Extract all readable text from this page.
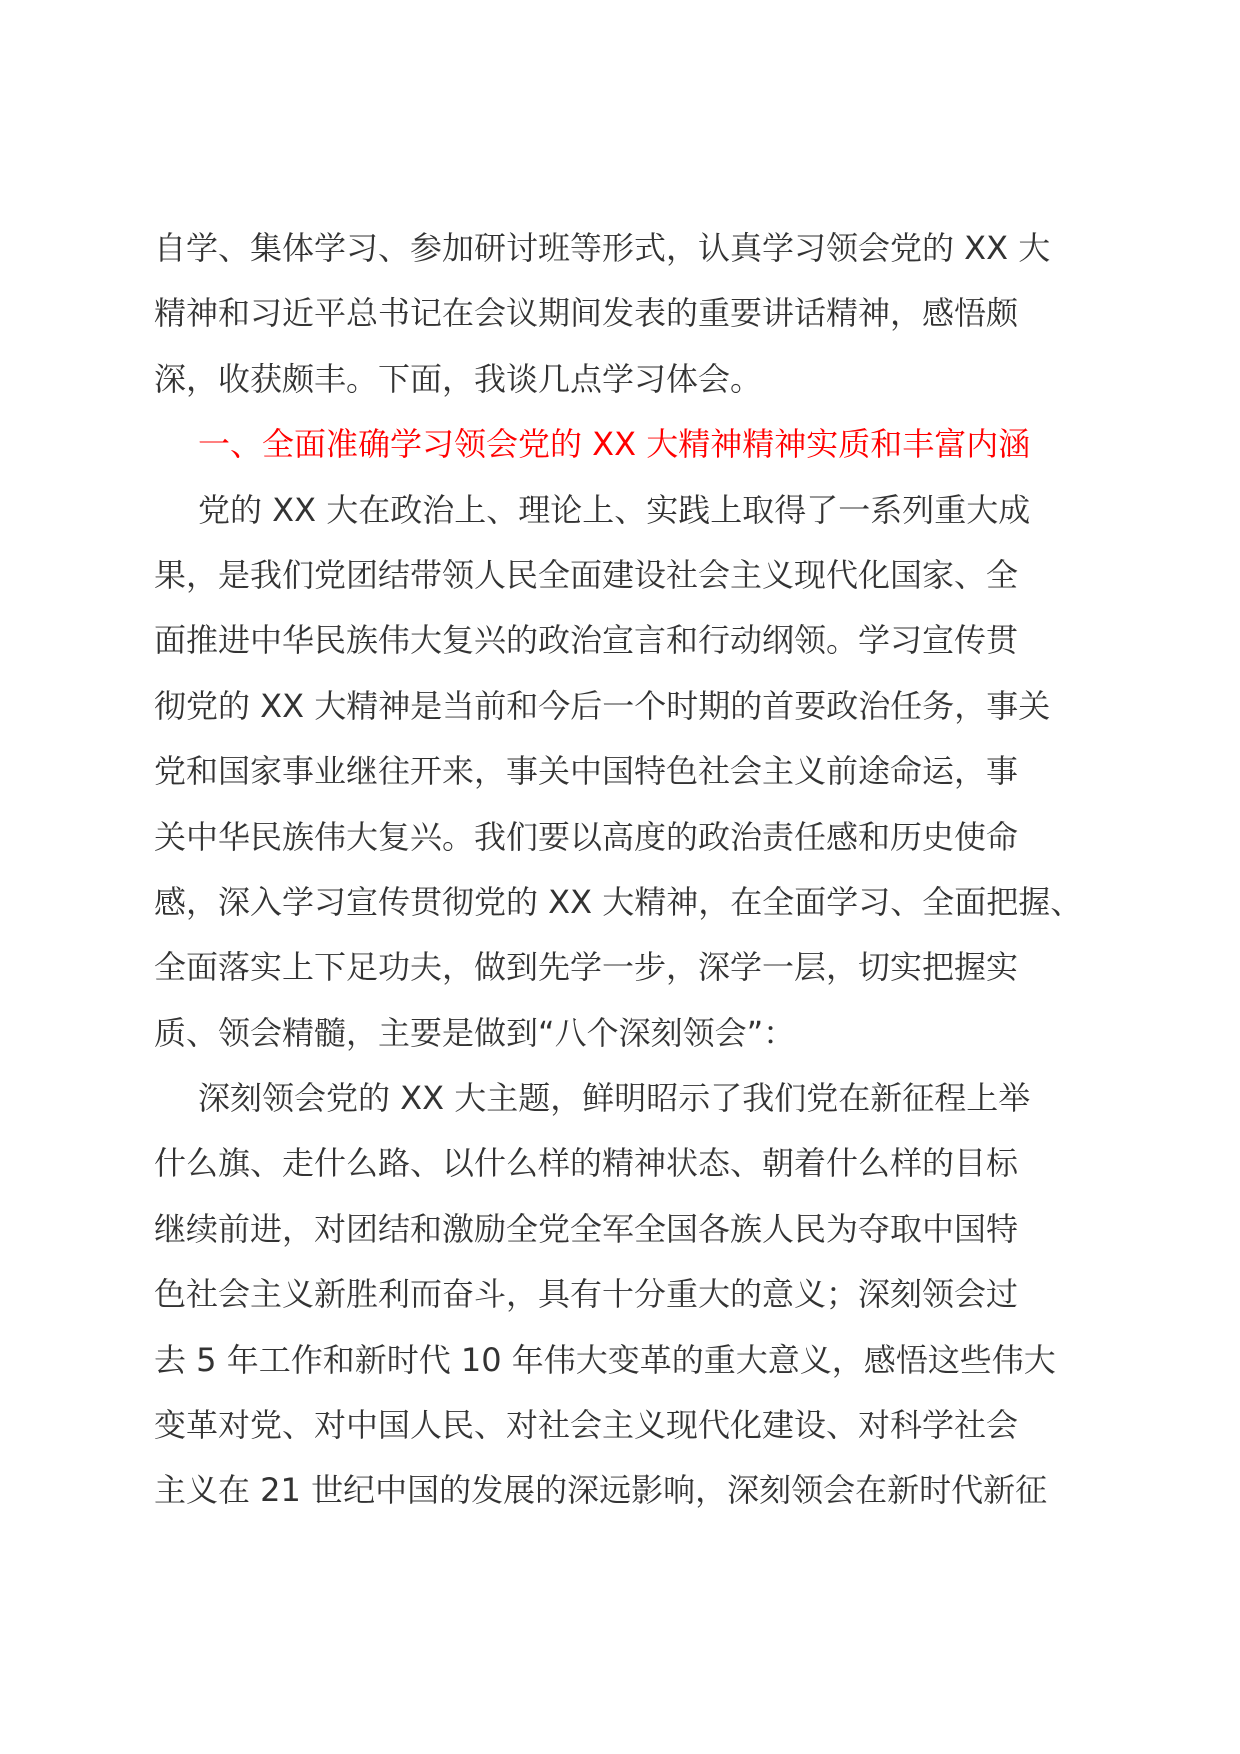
自学、集体学习、参加研讨班等形式，认真学习领会党的 XX 大
精神和习近平总书记在会议期间发表的重要讲话精神，感悟颇
深，收获颇丰。下面，我谈几点学习体会。
一、全面准确学习领会党的 XX 大精神精神实质和丰富内涵
党的 XX 大在政治上、理论上、实践上取得了一系列重大成
果，是我们党团结带领人民全面建设社会主义现代化国家、全
面推进中华民族伟大复兴的政治宣言和行动纲领。学习宣传贯
彻党的 XX 大精神是当前和今后一个时期的首要政治任务，事关
党和国家事业继往开来，事关中国特色社会主义前途命运，事
关中华民族伟大复兴。我们要以高度的政治责任感和历史使命
感，深入学习宣传贯彻党的 XX 大精神，在全面学习、全面把握、
全面落实上下足功夫，做到先学一步，深学一层，切实把握实
质、领会精髓，主要是做到“八个深刻领会”：
深刻领会党的 XX 大主题，鲜明昭示了我们党在新征程上举
什么旗、走什么路、以什么样的精神状态、朝着什么样的目标
继续前进，对团结和激励全党全军全国各族人民为夺取中国特
色社会主义新胜利而奋斗，具有十分重大的意义；深刻领会过
去 5 年工作和新时代 10 年伟大变革的重大意义，感悟这些伟大
变革对党、对中国人民、对社会主义现代化建设、对科学社会
主义在 21 世纪中国的发展的深远影响，深刻领会在新时代新征
